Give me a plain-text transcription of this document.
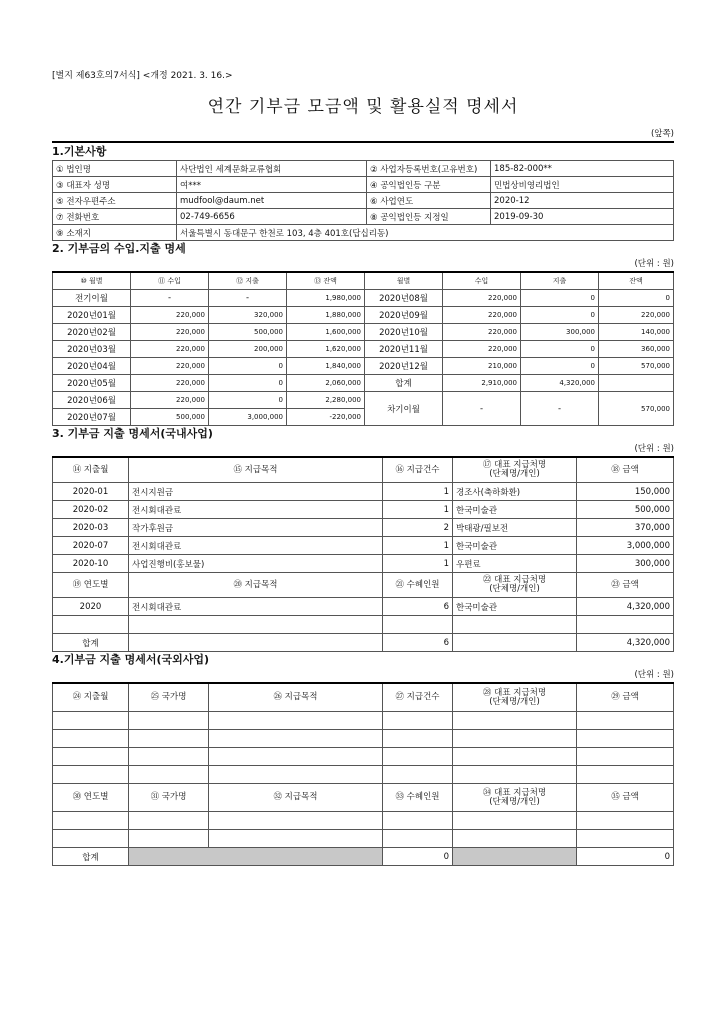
[별지 제63호의7서식] <개정 2021. 3. 16.>
연간 기부금 모금액 및 활용실적 명세서
(앞쪽)
1.기본사항
① 법인명	사단법인 세계문화교류협회	② 사업자등록번호(고유번호)	185-82-000**
③ 대표자 성명	여***	④ 공익법인등 구분	민법상비영리법인
⑤ 전자우편주소	mudfool@daum.net	⑥ 사업연도	2020-12
⑦ 전화번호	02-749-6656	⑧ 공익법인등 지정일	2019-09-30
⑨ 소재지	서울특별시 동대문구 한천로 103, 4층 401호(답십리동)		
2. 기부금의 수입.지출 명세
(단위 : 원)
⑩ 월별	⑪ 수입	⑫ 지출	⑬ 잔액	월별	수입	지출	잔액
전기이월	-	-	1,980,000	2020년08월	220,000	0	0
2020년01월	220,000	320,000	1,880,000	2020년09월	220,000	0	220,000
2020년02월	220,000	500,000	1,600,000	2020년10월	220,000	300,000	140,000
2020년03월	220,000	200,000	1,620,000	2020년11월	220,000	0	360,000
2020년04월	220,000	0	1,840,000	2020년12월	210,000	0	570,000
2020년05월	220,000	0	2,060,000	합계	2,910,000	4,320,000	
2020년06월	220,000	0	2,280,000	차기이월	-	-	570,000
2020년07월	500,000	3,000,000	-220,000				
3. 기부금 지출 명세서(국내사업)
(단위 : 원)
⑭ 지출월	⑮ 지급목적	⑯ 지급건수	⑰ 대표 지급처명
(단체명/개인)	⑱ 금액
2020-01	전시지원금	1	경조사(축하화환)	150,000
2020-02	전시회대관료	1	한국미술관	500,000
2020-03	작가후원금	2	박태광/필보전	370,000
2020-07	전시회대관료	1	한국미술관	3,000,000
2020-10	사업진행비(홍보물)	1	우편료	300,000
⑲ 연도별	⑳ 지급목적	㉑ 수혜인원	㉒ 대표 지급처명
(단체명/개인)	㉓ 금액
2020	전시회대관료	6	한국미술관	4,320,000

합계		6		4,320,000
4.기부금 지출 명세서(국외사업)
(단위 : 원)
㉔ 지출월	㉕ 국가명	㉖ 지급목적	㉗ 지급건수	㉘ 대표 지급처명
(단체명/개인)	㉙ 금액

㉚ 연도별	㉛ 국가명	㉜ 지급목적	㉝ 수혜인원	㉞ 대표 지급처명
(단체명/개인)	㉟ 금액

합계			0		0
